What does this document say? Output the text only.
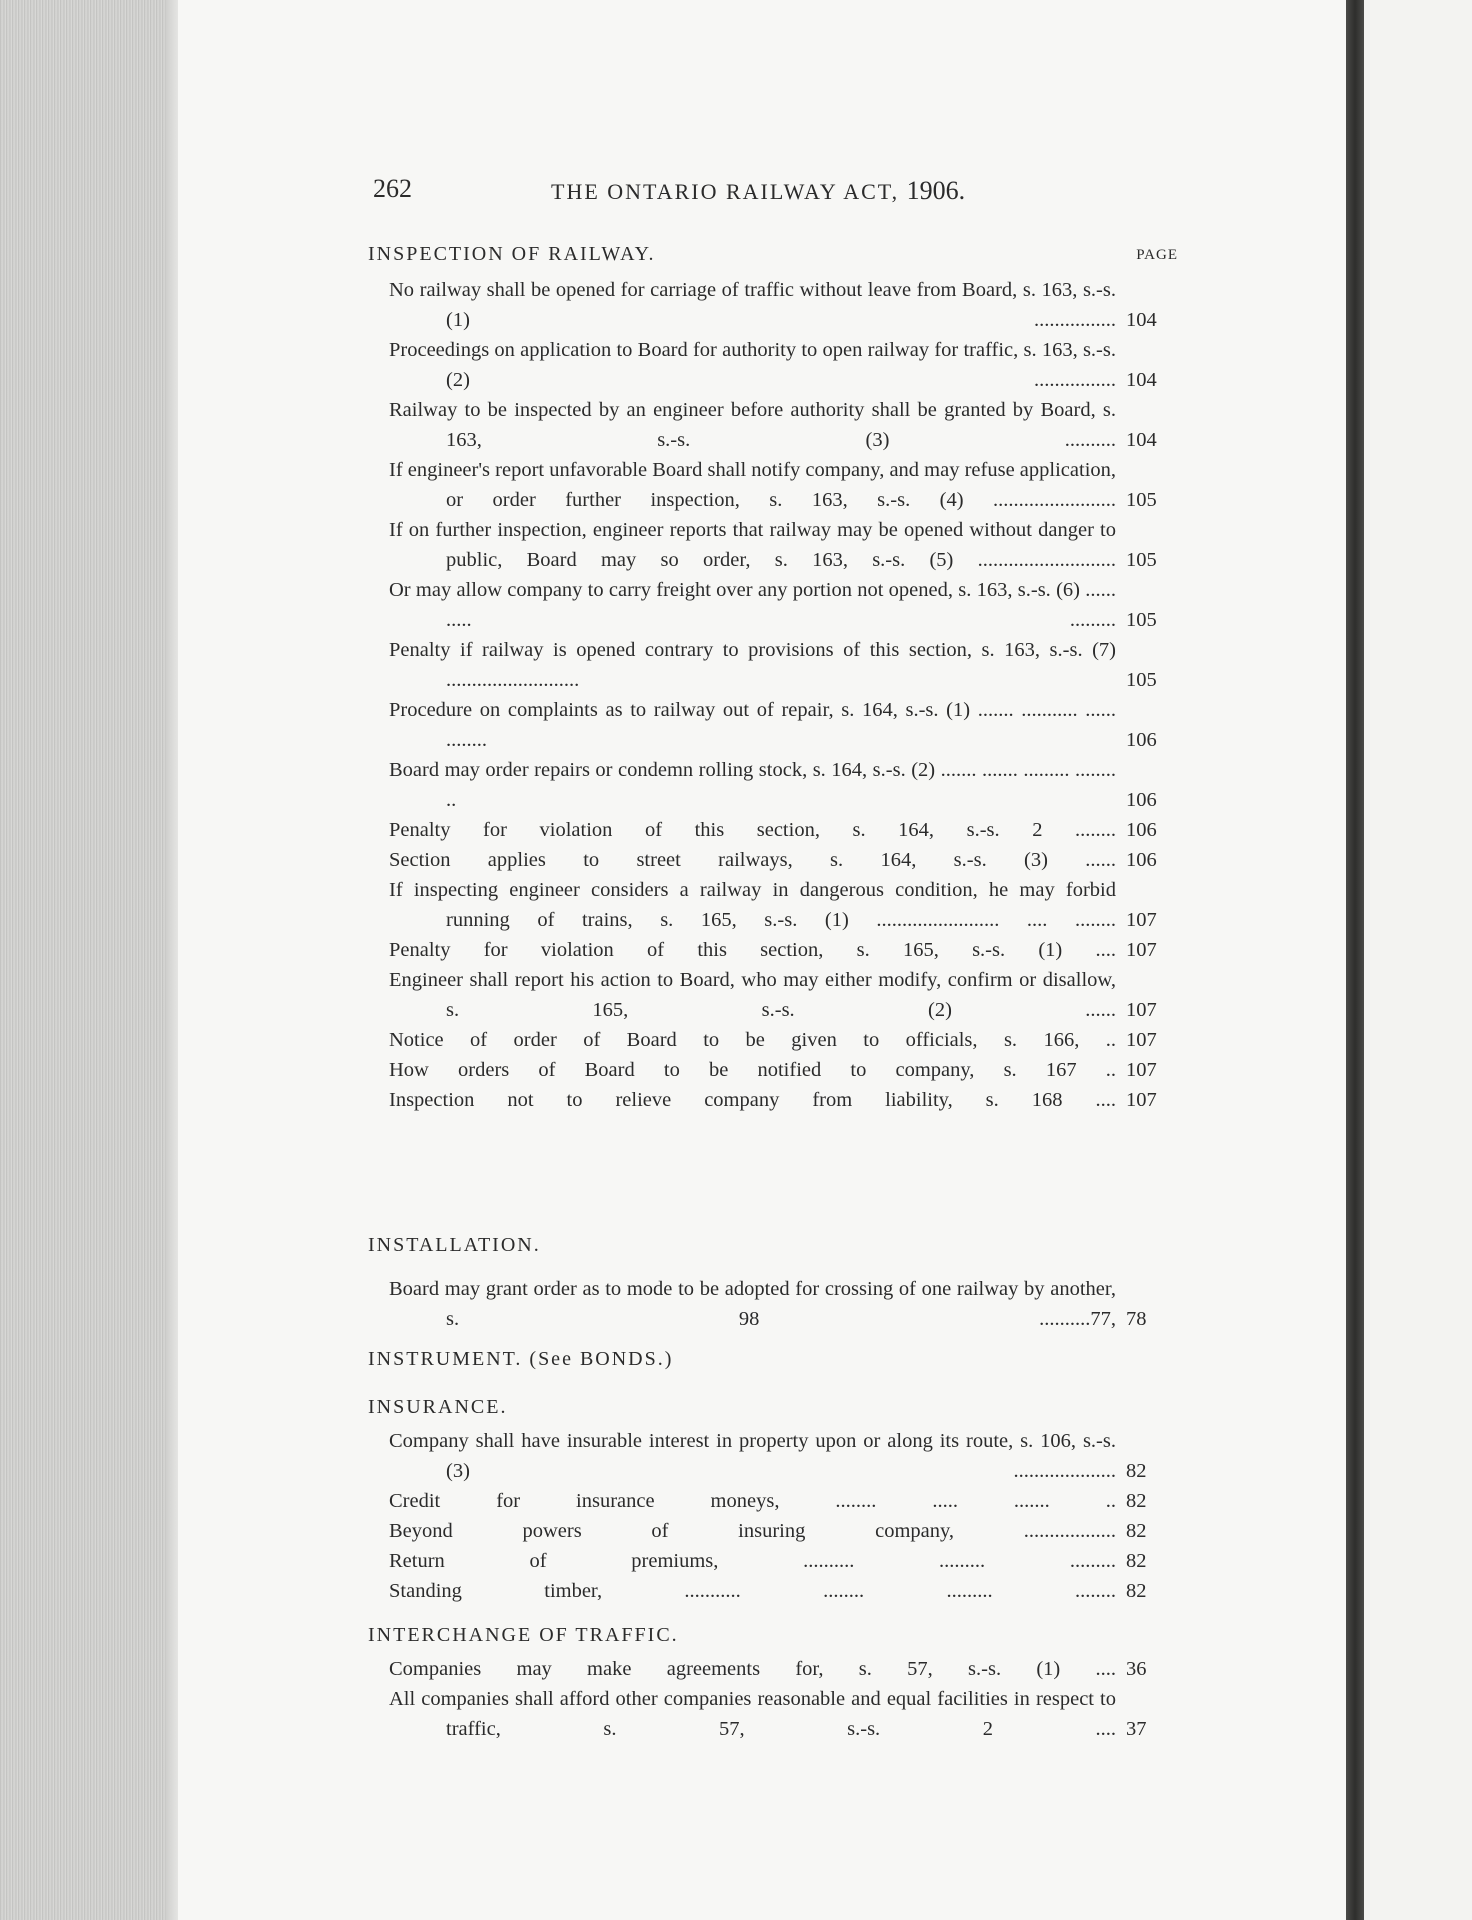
262	THE ONTARIO RAILWAY ACT, 1906.
INSPECTION OF RAILWAY.	PAGE
No railway shall be opened for carriage of traffic without leave from Board, s. 163, s.-s. (1) ................ 104
Proceedings on application to Board for authority to open railway for traffic, s. 163, s.-s. (2) ................ 104
Railway to be inspected by an engineer before authority shall be granted by Board, s. 163, s.-s. (3) .......... 104
If engineer's report unfavorable Board shall notify company, and may refuse application, or order further inspection, s. 163, s.-s. (4) ........................ 105
If on further inspection, engineer reports that railway may be opened without danger to public, Board may so order, s. 163, s.-s. (5) ........................... 105
Or may allow company to carry freight over any portion not opened, s. 163, s.-s. (6) ...... ..... ......... 105
Penalty if railway is opened contrary to provisions of this section, s. 163, s.-s. (7) ..........................	105
Procedure on complaints as to railway out of repair, s. 164, s.-s. (1) ....... ........... ...... ........	106
Board may order repairs or condemn rolling stock, s. 164, s.-s. (2) ....... ....... ......... ........ ..	106
Penalty for violation of this section, s. 164, s.-s. 2 ........ 106
Section applies to street railways, s. 164, s.-s. (3) ...... 106
If inspecting engineer considers a railway in dangerous condition, he may forbid running of trains, s. 165, s.-s. (1) ........................ .... ........ 107
Penalty for violation of this section, s. 165, s.-s. (1) .... 107
Engineer shall report his action to Board, who may either modify, confirm or disallow, s. 165, s.-s. (2) ...... 107
Notice of order of Board to be given to officials, s. 166, .. 107
How orders of Board to be notified to company, s. 167 .. 107
Inspection not to relieve company from liability, s. 168 .... 107
INSTALLATION.
Board may grant order as to mode to be adopted for crossing of one railway by another, s. 98 ..........77, 78
INSTRUMENT. (See BONDS.)
INSURANCE.
Company shall have insurable interest in property upon or along its route, s. 106, s.-s. (3) .................... 82
Credit for insurance moneys, ........ ..... ....... .. 82
Beyond powers of insuring company, .................. 82
Return of premiums, .......... ......... ......... 82
Standing timber, ........... ........ ......... ........ 82
INTERCHANGE OF TRAFFIC.
Companies may make agreements for, s. 57, s.-s. (1) .... 36
All companies shall afford other companies reasonable and equal facilities in respect to traffic, s. 57, s.-s. 2 .... 37
